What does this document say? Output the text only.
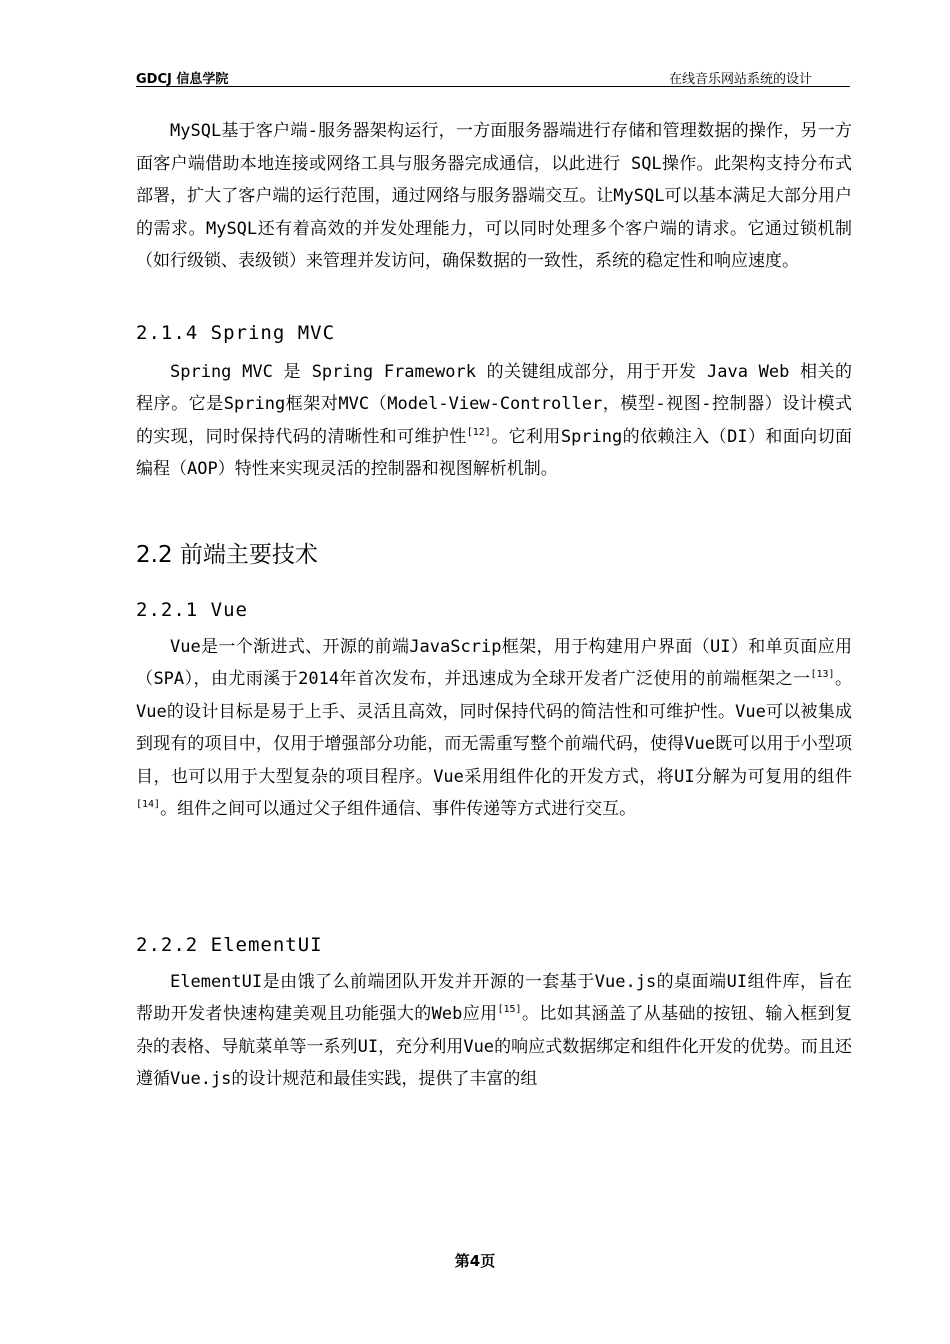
GDCJ 信息学院	在线音乐网站系统的设计

MySQL基于客户端-服务器架构运行，一方面服务器端进行存储和管理数据的操作，另一方面客户端借助本地连接或网络工具与服务器完成通信，以此进行 SQL操作。此架构支持分布式部署，扩大了客户端的运行范围，通过网络与服务器端交互。让MySQL可以基本满足大部分用户的需求。MySQL还有着高效的并发处理能力，可以同时处理多个客户端的请求。它通过锁机制（如行级锁、表级锁）来管理并发访问，确保数据的一致性，系统的稳定性和响应速度。

2.1.4 Spring MVC

Spring MVC 是 Spring Framework 的关键组成部分，用于开发 Java Web 相关的程序。它是Spring框架对MVC（Model-View-Controller，模型-视图-控制器）设计模式的实现，同时保持代码的清晰性和可维护性[12]。它利用Spring的依赖注入（DI）和面向切面编程（AOP）特性来实现灵活的控制器和视图解析机制。

2.2 前端主要技术
2.2.1 Vue

Vue是一个渐进式、开源的前端JavaScrip框架，用于构建用户界面（UI）和单页面应用（SPA），由尤雨溪于2014年首次发布，并迅速成为全球开发者广泛使用的前端框架之一[13]。Vue的设计目标是易于上手、灵活且高效，同时保持代码的简洁性和可维护性。Vue可以被集成到现有的项目中，仅用于增强部分功能，而无需重写整个前端代码，使得Vue既可以用于小型项目，也可以用于大型复杂的项目程序。Vue采用组件化的开发方式，将UI分解为可复用的组件[14]。组件之间可以通过父子组件通信、事件传递等方式进行交互。

2.2.2 ElementUI

ElementUI是由饿了么前端团队开发并开源的一套基于Vue.js的桌面端UI组件库，旨在帮助开发者快速构建美观且功能强大的Web应用[15]。比如其涵盖了从基础的按钮、输入框到复杂的表格、导航菜单等一系列UI，充分利用Vue的响应式数据绑定和组件化开发的优势。而且还遵循Vue.js的设计规范和最佳实践，提供了丰富的组

第4页
